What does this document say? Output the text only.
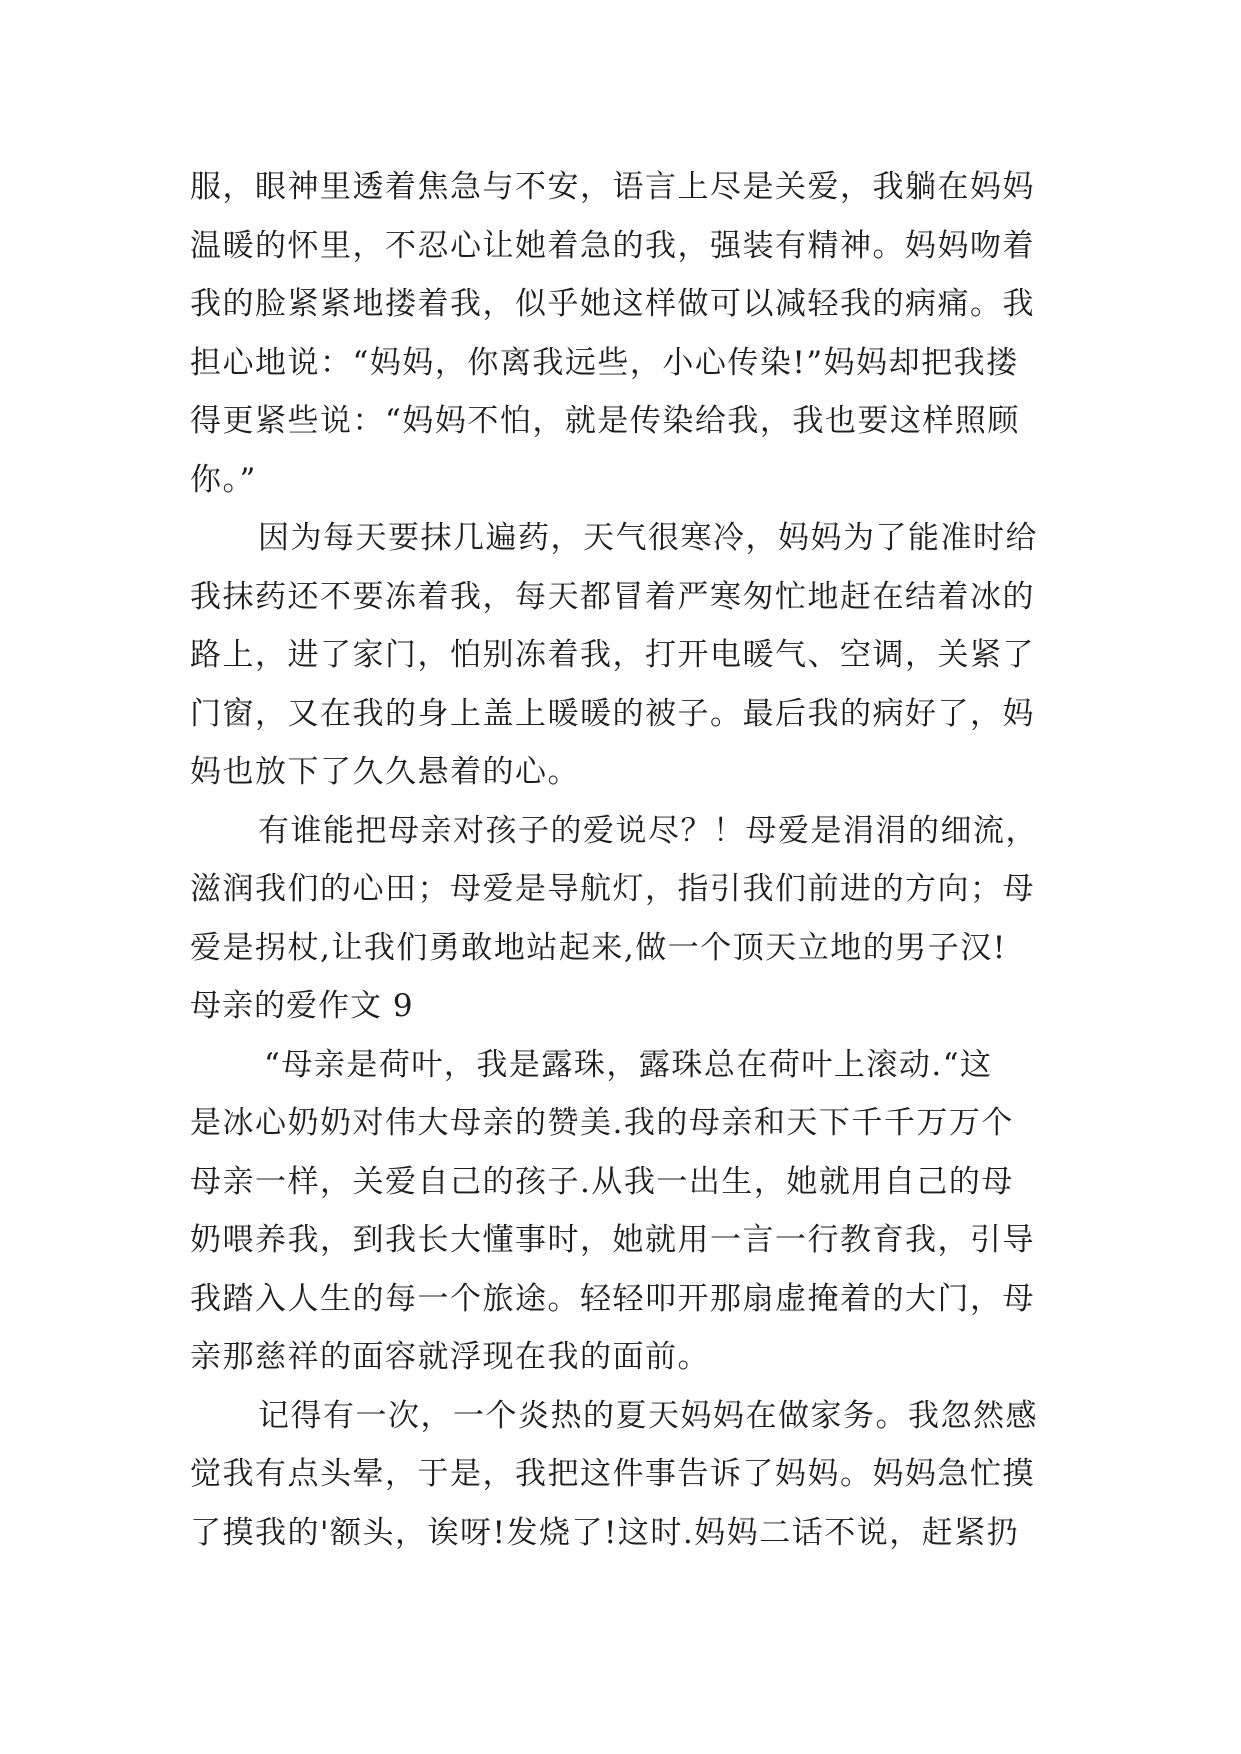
服，眼神里透着焦急与不安，语言上尽是关爱，我躺在妈妈
温暖的怀里，不忍心让她着急的我，强装有精神。妈妈吻着
我的脸紧紧地搂着我，似乎她这样做可以减轻我的病痛。我
担心地说：“妈妈，你离我远些，小心传染!”妈妈却把我搂
得更紧些说：“妈妈不怕，就是传染给我，我也要这样照顾
你。”
因为每天要抹几遍药，天气很寒冷，妈妈为了能准时给
我抹药还不要冻着我，每天都冒着严寒匆忙地赶在结着冰的
路上，进了家门，怕别冻着我，打开电暖气、空调，关紧了
门窗，又在我的身上盖上暖暖的被子。最后我的病好了，妈
妈也放下了久久悬着的心。
有谁能把母亲对孩子的爱说尽？！母爱是涓涓的细流，
滋润我们的心田；母爱是导航灯，指引我们前进的方向；母
爱是拐杖,让我们勇敢地站起来,做一个顶天立地的男子汉!
母亲的爱作文 9
“母亲是荷叶，我是露珠，露珠总在荷叶上滚动.“这
是冰心奶奶对伟大母亲的赞美.我的母亲和天下千千万万个
母亲一样，关爱自己的孩子.从我一出生，她就用自己的母
奶喂养我，到我长大懂事时，她就用一言一行教育我，引导
我踏入人生的每一个旅途。轻轻叩开那扇虚掩着的大门，母
亲那慈祥的面容就浮现在我的面前。
记得有一次，一个炎热的夏天妈妈在做家务。我忽然感
觉我有点头晕，于是，我把这件事告诉了妈妈。妈妈急忙摸
了摸我的'额头，诶呀!发烧了!这时.妈妈二话不说，赶紧扔
